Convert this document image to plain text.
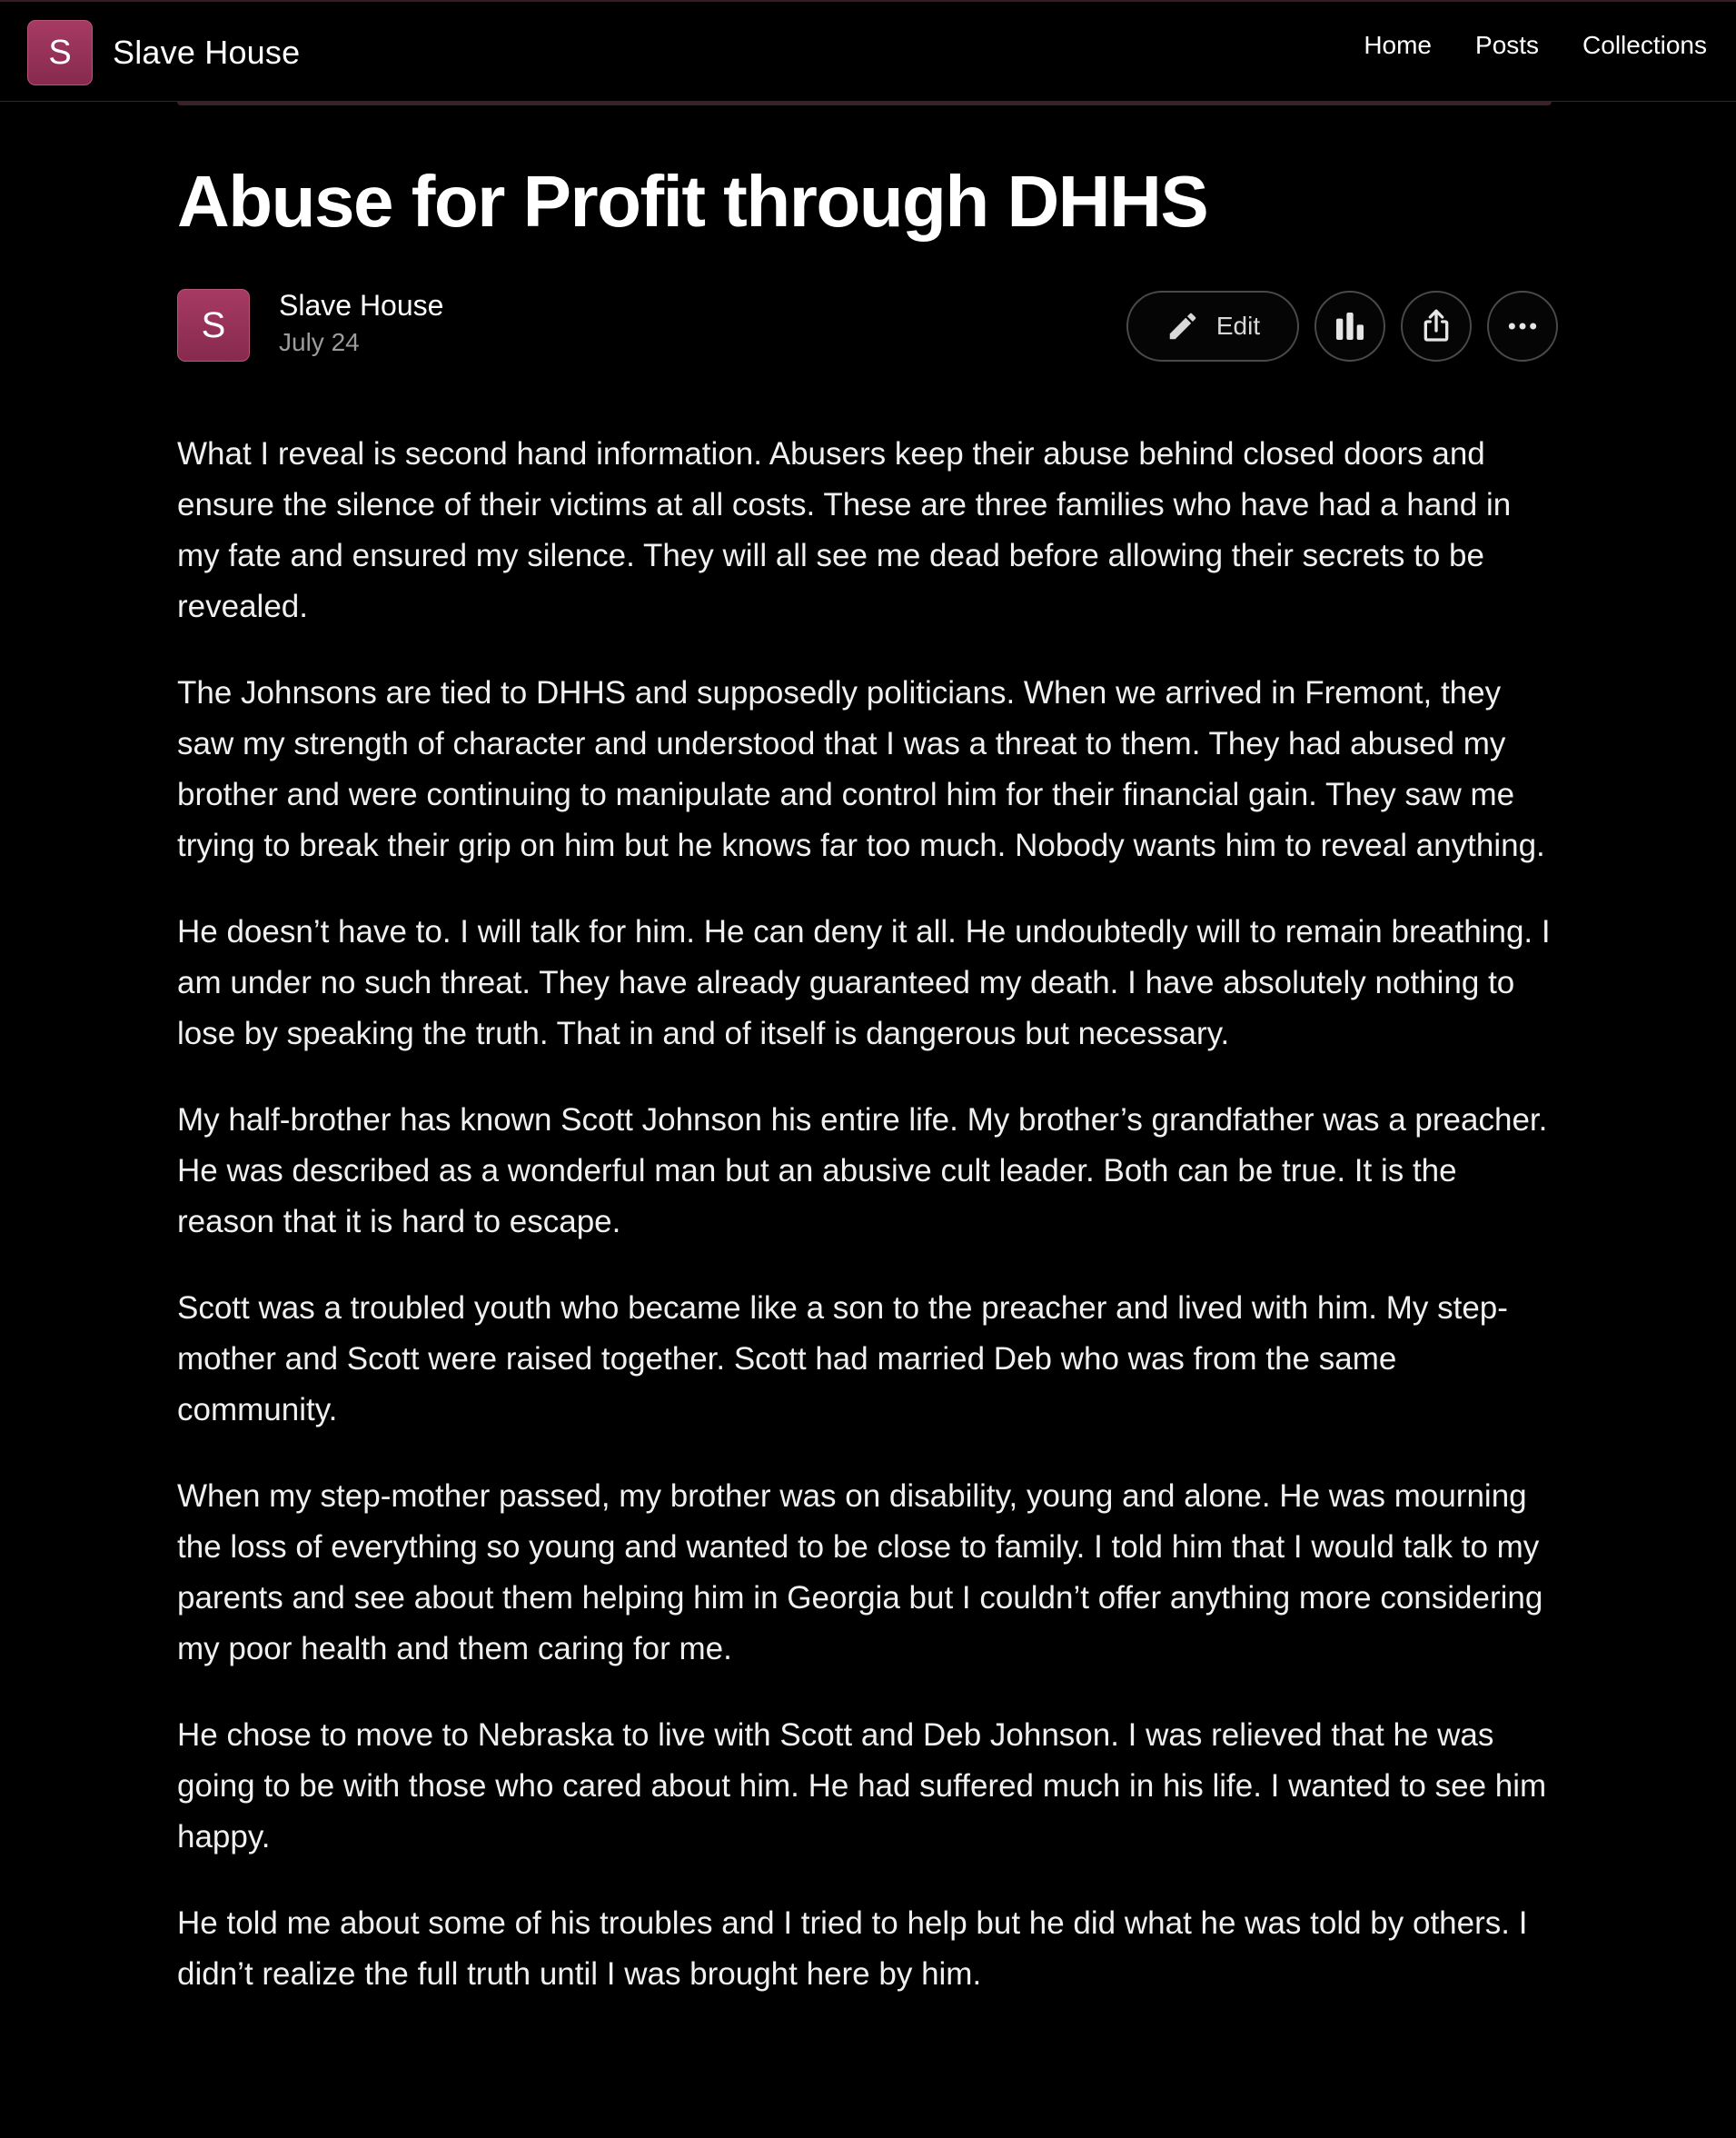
S	Slave House	Home Posts Collections
Abuse for Profit through DHHS
S	Slave House
July 24
Edit

What I reveal is second hand information. Abusers keep their abuse behind closed doors and ensure the silence of their victims at all costs. These are three families who have had a hand in my fate and ensured my silence. They will all see me dead before allowing their secrets to be revealed.

The Johnsons are tied to DHHS and supposedly politicians. When we arrived in Fremont, they saw my strength of character and understood that I was a threat to them. They had abused my brother and were continuing to manipulate and control him for their financial gain. They saw me trying to break their grip on him but he knows far too much. Nobody wants him to reveal anything.

He doesn’t have to. I will talk for him. He can deny it all. He undoubtedly will to remain breathing. I am under no such threat. They have already guaranteed my death. I have absolutely nothing to lose by speaking the truth. That in and of itself is dangerous but necessary.

My half-brother has known Scott Johnson his entire life. My brother’s grandfather was a preacher. He was described as a wonderful man but an abusive cult leader. Both can be true. It is the reason that it is hard to escape.

Scott was a troubled youth who became like a son to the preacher and lived with him. My step-mother and Scott were raised together. Scott had married Deb who was from the same community.

When my step-mother passed, my brother was on disability, young and alone. He was mourning the loss of everything so young and wanted to be close to family. I told him that I would talk to my parents and see about them helping him in Georgia but I couldn’t offer anything more considering my poor health and them caring for me.

He chose to move to Nebraska to live with Scott and Deb Johnson. I was relieved that he was going to be with those who cared about him. He had suffered much in his life. I wanted to see him happy.

He told me about some of his troubles and I tried to help but he did what he was told by others. I didn’t realize the full truth until I was brought here by him.
